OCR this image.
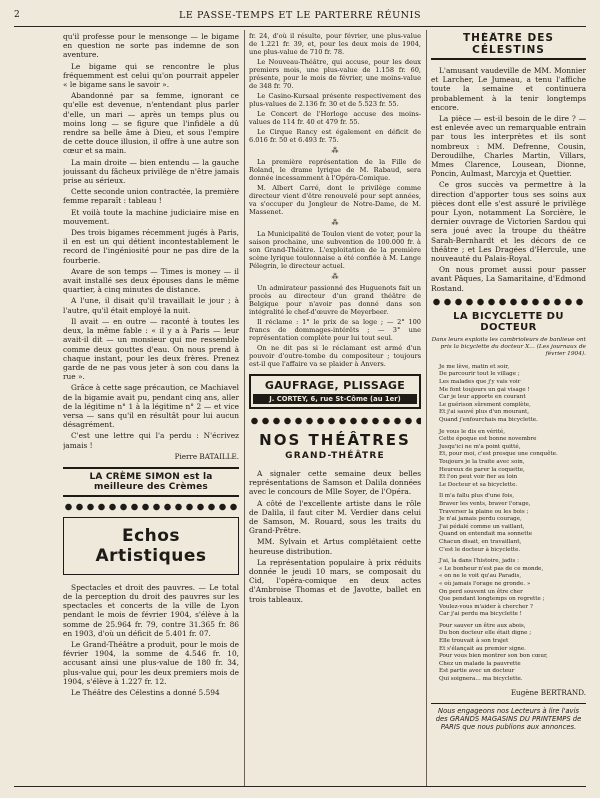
2	LE PASSE-TEMPS ET LE PARTERRE RÉUNIS

qu'il professe pour le mensonge — le bigame en question ne sorte pas indemne de son aventure.

Le bigame qui se rencontre le plus fréquemment est celui qu'on pourrait appeler « le bigame sans le savoir ».

Abandonné par sa femme, ignorant ce qu'elle est devenue, n'entendant plus parler d'elle, un mari — après un temps plus ou moins long — se figure que l'infidèle a dû rendre sa belle âme à Dieu, et sous l'empire de cette douce illusion, il offre à une autre son cœur et sa main.

La main droite — bien entendu — la gauche jouissant du fâcheux privilège de n'être jamais prise au sérieux.

Cette seconde union contractée, la première femme reparaît : tableau !

Et voilà toute la machine judiciaire mise en mouvement.

Des trois bigames récemment jugés à Paris, il en est un qui détient incontestablement le record de l'ingéniosité pour ne pas dire de la fourberie.

Avare de son temps — Times is money — il avait installé ses deux épouses dans le même quartier, à cinq minutes de distance.

A l'une, il disait qu'il travaillait le jour ; à l'autre, qu'il était employé la nuit.

Il avait — en outre — raconté à toutes les deux, la même fable : « il y a à Paris — leur avait-il dit — un monsieur qui me ressemble comme deux gouttes d'eau. On nous prend à chaque instant, pour les deux frères. Prenez garde de ne pas vous jeter à son cou dans la rue ».

Grâce à cette sage précaution, ce Machiavel de la bigamie avait pu, pendant cinq ans, aller de la légitime n° 1 à la légitime n° 2 — et vice versa — sans qu'il en résultât pour lui aucun désagrément.

C'est une lettre qui l'a perdu : N'écrivez jamais !

Pierre BATAILLE.
LA CRÈME SIMON est la meilleure des Crèmes
Echos Artistiques

Spectacles et droit des pauvres. — Le total de la perception du droit des pauvres sur les spectacles et concerts de la ville de Lyon pendant le mois de février 1904, s'élève à la somme de 25.964 fr. 79, contre 31.365 fr. 86 en 1903, d'où un déficit de 5.401 fr. 07.

Le Grand-Théâtre a produit, pour le mois de février 1904, la somme de 4.546 fr. 10, accusant ainsi une plus-value de 180 fr. 34, plus-value qui, pour les deux premiers mois de 1904, s'élève à 1.227 fr. 12.

Le Théâtre des Célestins a donné 5.594

fr. 24, d'où il résulte, pour février, une plus-value de 1.221 fr. 39, et, pour les deux mois de 1904, une plus-value de 710 fr. 78.

Le Nouveau-Théâtre, qui accuse, pour les deux premiers mois, une plus-value de 1.158 fr. 60, présente, pour le mois de février, une moins-value de 348 fr. 70.

Le Casino-Kursaal présente respectivement des plus-values de 2.136 fr. 30 et de 5.523 fr. 55.

Le Concert de l'Horloge accuse des moins-values de 114 fr. 40 et 479 fr. 55.

Le Cirque Rancy est également en déficit de 6.016 fr. 50 et 6.493 fr. 75.

⁂

La première représentation de la Fille de Roland, le drame lyrique de M. Rabaud, sera donnée incessamment à l'Opéra-Comique.

M. Albert Carré, dont le privilège comme directeur vient d'être renouvelé pour sept années, va s'occuper du Jongleur de Notre-Dame, de M. Massenet.

⁂

La Municipalité de Toulon vient de voter, pour la saison prochaine, une subvention de 100.000 fr. à son Grand-Théâtre. L'exploitation de la première scène lyrique toulonnaise a été confiée à M. Lange Pélegrin, le directeur actuel.

⁂

Un admirateur passionné des Huguenots fait un procès au directeur d'un grand théâtre de Belgique pour n'avoir pas donné dans son intégralité le chef-d'œuvre de Meyerbeer.

Il réclame : 1° le prix de sa loge ; — 2° 100 francs de dommages-intérêts ; — 3° une représentation complète pour lui tout seul.

On ne dit pas si le réclamant est armé d'un pouvoir d'outre-tombe du compositeur ; toujours est-il que l'affaire va se plaider à Anvers.

GAUFRAGE, PLISSAGE
J. CORTEY, 6, rue St-Côme (au 1er)
NOS THÉÂTRES
GRAND-THÉÂTRE

A signaler cette semaine deux belles représentations de Samson et Dalila données avec le concours de Mlle Soyer, de l'Opéra.

A côté de l'excellente artiste dans le rôle de Dalila, il faut citer M. Verdier dans celui de Samson, M. Rouard, sous les traits du Grand-Prêtre.

MM. Sylvain et Artus complétaient cette heureuse distribution.

La représentation populaire à prix réduits donnée le jeudi 10 mars, se composait du Cid, l'opéra-comique en deux actes d'Ambroise Thomas et de Javotte, ballet en trois tableaux.

THÉÂTRE DES CÉLESTINS

L'amusant vaudeville de MM. Monnier et Larcher, Le Jumeau, a tenu l'affiche toute la semaine et continuera probablement à la tenir longtemps encore.

La pièce — est-il besoin de le dire ? — est enlevée avec un remarquable entrain par tous les interprètes et ils sont nombreux : MM. Defrenne, Cousin, Deroudilhe, Charles Martin, Villars, Mmes Clarence, Lousean, Dionne, Poncin, Aulmast, Marcyja et Quettier.

Ce gros succès va permettre à la direction d'apporter tous ses soins aux pièces dont elle s'est assuré le privilège pour Lyon, notamment La Sorcière, le dernier ouvrage de Victorien Sardou qui sera joué avec la troupe du théâtre Sarah-Bernhardt et les décors de ce théâtre ; et Les Dragées d'Hercule, une nouveauté du Palais-Royal.

On nous promet aussi pour passer avant Pâques, La Samaritaine, d'Edmond Rostand.

LA BICYCLETTE DU DOCTEUR
Dans leurs exploits les cambrioleurs de banlieue ont pris la bicyclette du docteur X... (Les journaux de février 1904).

Je me lève, matin et soir,

De parcourir tout le village ;

Les malades que j'y vais voir

Me font toujours un gai visage !

Car je leur apporte en courant

Le guérison sûrement complète,

Et j'ai sauvé plus d'un mourant,

Quand j'enfourchais ma bicyclette.

Je vous le dis en vérité,

Cette époque est bonne novembre

Jusqu'ici ne m'a point quitté,

Et, pour moi, c'est presque une conquête.

Toujours je la traite avec soin,

Heureux de parer la coquette,

Et l'on peut voir fier au loin

Le Docteur et sa bicyclette.

Il m'a fallu plus d'une fois,

Braver les vents, braver l'orage,

Traverser la plaine ou les bois ;

Je n'ai jamais perdu courage,

J'ai pédalé comme un vaillant,

Quand on entendait ma sonnette

Chacun disait, en travaillant,

C'est le docteur à bicyclette.

J'ai, la dans l'histoire, jadis :

« Le bonheur n'est pas de ce monde,

« on ne le voit qu'au Paradis,

« où jamais l'orage ne gronde. »

On perd souvent un être cher

Que pendant longtemps on regrette ;

Voulez-vous m'aider à chercher ?

Car j'ai perdu ma bicyclette !

Pour sauver un être aux abois,

Du bon docteur elle était digne ;

Elle trouvait à son trajet

Et s'élançait au premier signe.

Pour vous bien montrer son bon cœur,

Chez un malade la pauvrette

Est partie avec un docteur

Qui soignera… ma bicyclette.

Eugène BERTRAND.
Nous engageons nos Lecteurs à lire l'avis des GRANDS MAGASINS DU PRINTEMPS de PARIS que nous publions aux annonces.
